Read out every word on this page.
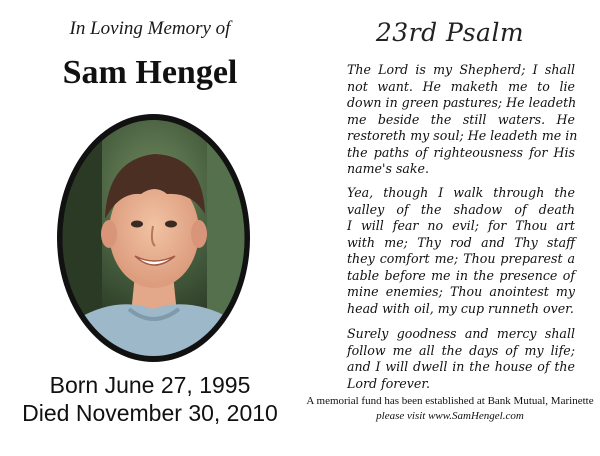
In Loving Memory of
Sam Hengel
Born June 27, 1995
Died November 30, 2010
23rd Psalm
The Lord is my Shepherd; I shall
not want. He maketh me to lie
down in green pastures; He leadeth
me beside the still waters. He
restoreth my soul; He leadeth me in
the paths of righteousness for His
name's sake.
Yea, though I walk through the
valley of the shadow of death
I will fear no evil; for Thou art
with me; Thy rod and Thy staff
they comfort me; Thou preparest a
table before me in the presence of
mine enemies; Thou anointest my
head with oil, my cup runneth over.
Surely goodness and mercy shall
follow me all the days of my life;
and I will dwell in the house of the
Lord forever.
A memorial fund has been established at Bank Mutual, Marinette
please visit www.SamHengel.com
